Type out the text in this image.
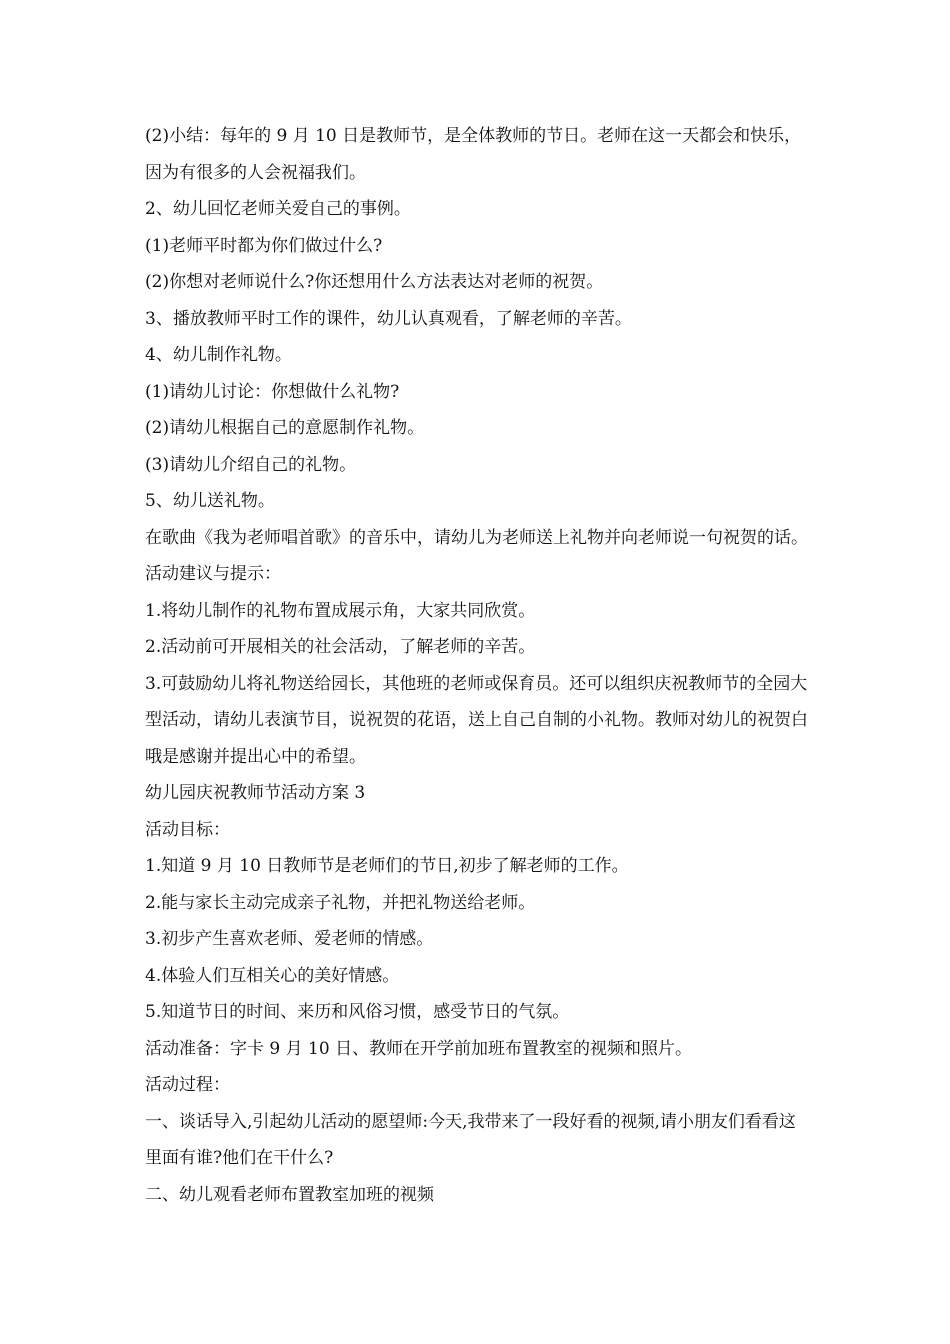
(2)小结：每年的 9 月 10 日是教师节，是全体教师的节日。老师在这一天都会和快乐，因为有很多的人会祝福我们。

2、幼儿回忆老师关爱自己的事例。

(1)老师平时都为你们做过什么?

(2)你想对老师说什么?你还想用什么方法表达对老师的祝贺。

3、播放教师平时工作的课件，幼儿认真观看，了解老师的辛苦。

4、幼儿制作礼物。

(1)请幼儿讨论：你想做什么礼物?

(2)请幼儿根据自己的意愿制作礼物。

(3)请幼儿介绍自己的礼物。

5、幼儿送礼物。

在歌曲《我为老师唱首歌》的音乐中，请幼儿为老师送上礼物并向老师说一句祝贺的话。

活动建议与提示：

1.将幼儿制作的礼物布置成展示角，大家共同欣赏。

2.活动前可开展相关的社会活动，了解老师的辛苦。

3.可鼓励幼儿将礼物送给园长，其他班的老师或保育员。还可以组织庆祝教师节的全园大型活动，请幼儿表演节目，说祝贺的花语，送上自己自制的小礼物。教师对幼儿的祝贺白哦是感谢并提出心中的希望。

幼儿园庆祝教师节活动方案 3

活动目标：

1.知道 9 月 10 日教师节是老师们的节日,初步了解老师的工作。

2.能与家长主动完成亲子礼物，并把礼物送给老师。

3.初步产生喜欢老师、爱老师的情感。

4.体验人们互相关心的美好情感。

5.知道节日的时间、来历和风俗习惯，感受节日的气氛。

活动准备：字卡 9 月 10 日、教师在开学前加班布置教室的视频和照片。

活动过程：

一、谈话导入,引起幼儿活动的愿望师:今天,我带来了一段好看的视频,请小朋友们看看这里面有谁?他们在干什么?

二、幼儿观看老师布置教室加班的视频
